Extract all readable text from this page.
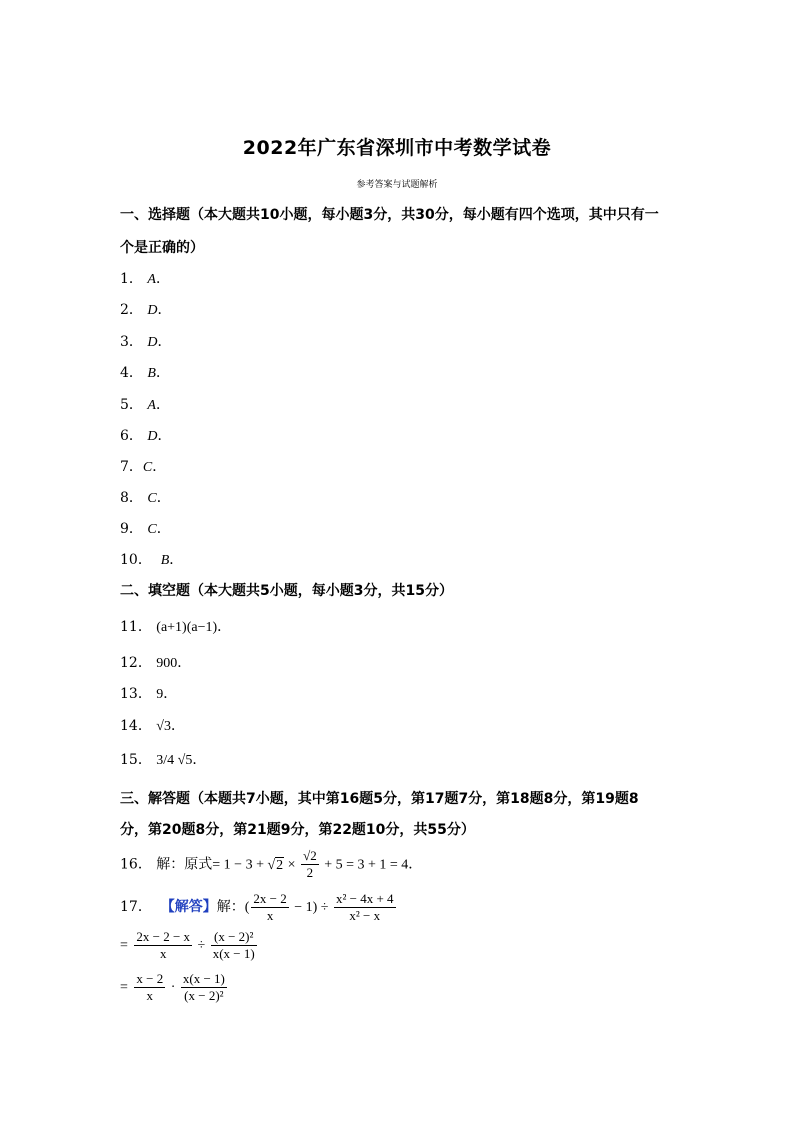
2022年广东省深圳市中考数学试卷
参考答案与试题解析
一、选择题（本大题共10小题，每小题3分，共30分，每小题有四个选项，其中只有一
个是正确的）
1． A．
2． D．
3． D．
4． B．
5． A．
6． D．
7．C．
8． C．
9． C．
10． B．
二、填空题（本大题共5小题，每小题3分，共15分）
11． (a+1)(a−1)．
12． 900．
13． 9．
14． √3．
15． 3/4 √5．
三、解答题（本题共7小题，其中第16题5分，第17题7分，第18题8分，第19题8
分，第20题8分，第21题9分，第22题10分，共55分）
16． 解：原式= $1 - 3 + √2 \times \frac{√2}{2} + 5 = 3 + 1 = 4$．
17． 【解答】解：( $\frac{2x - 2}{x} - 1) \div \frac{\text{x² − 4x + 4}}{\text{x² − x}}$
= $\frac{2x - 2 - x}{x} \div \frac{\text{(x − 2)²}}{x(x - 1)}$
= $\frac{x - 2}{x} \cdot \frac{x(x - 1)}{\text{(x − 2)²}}$
